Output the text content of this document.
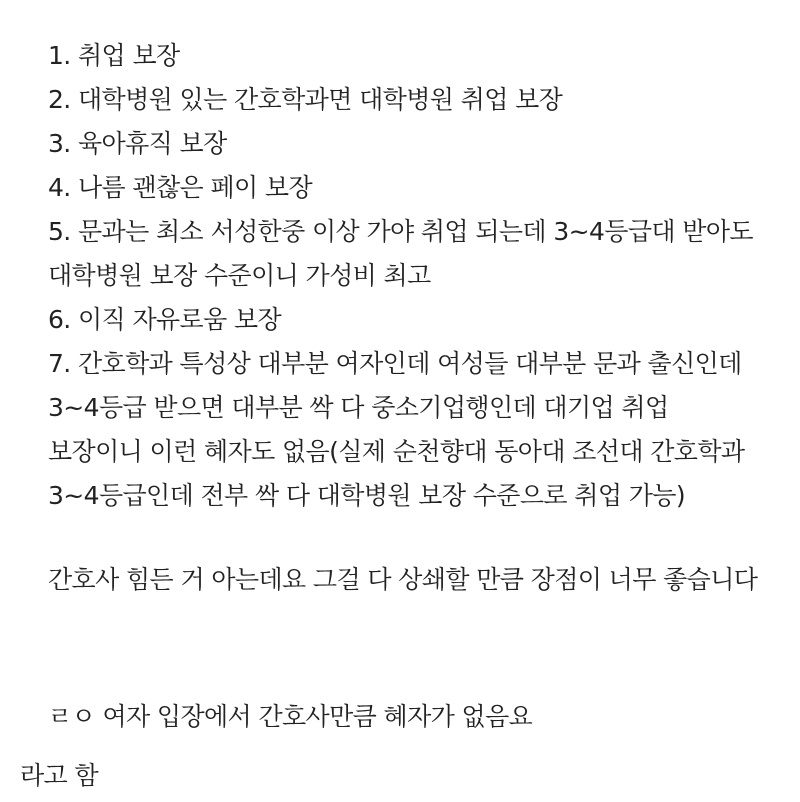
1. 취업 보장
2. 대학병원 있는 간호학과면 대학병원 취업 보장
3. 육아휴직 보장
4. 나름 괜찮은 페이 보장
5. 문과는 최소 서성한중 이상 가야 취업 되는데 3~4등급대 받아도 대학병원 보장 수준이니 가성비 최고
6. 이직 자유로움 보장
7. 간호학과 특성상 대부분 여자인데 여성들 대부분 문과 출신인데 3~4등급 받으면 대부분 싹 다 중소기업행인데 대기업 취업 보장이니 이런 혜자도 없음(실제 순천향대 동아대 조선대 간호학과 3~4등급인데 전부 싹 다 대학병원 보장 수준으로 취업 가능)

간호사 힘든 거 아는데요 그걸 다 상쇄할 만큼 장점이 너무 좋습니다

ㄹㅇ 여자 입장에서 간호사만큼 혜자가 없음요

라고 함
